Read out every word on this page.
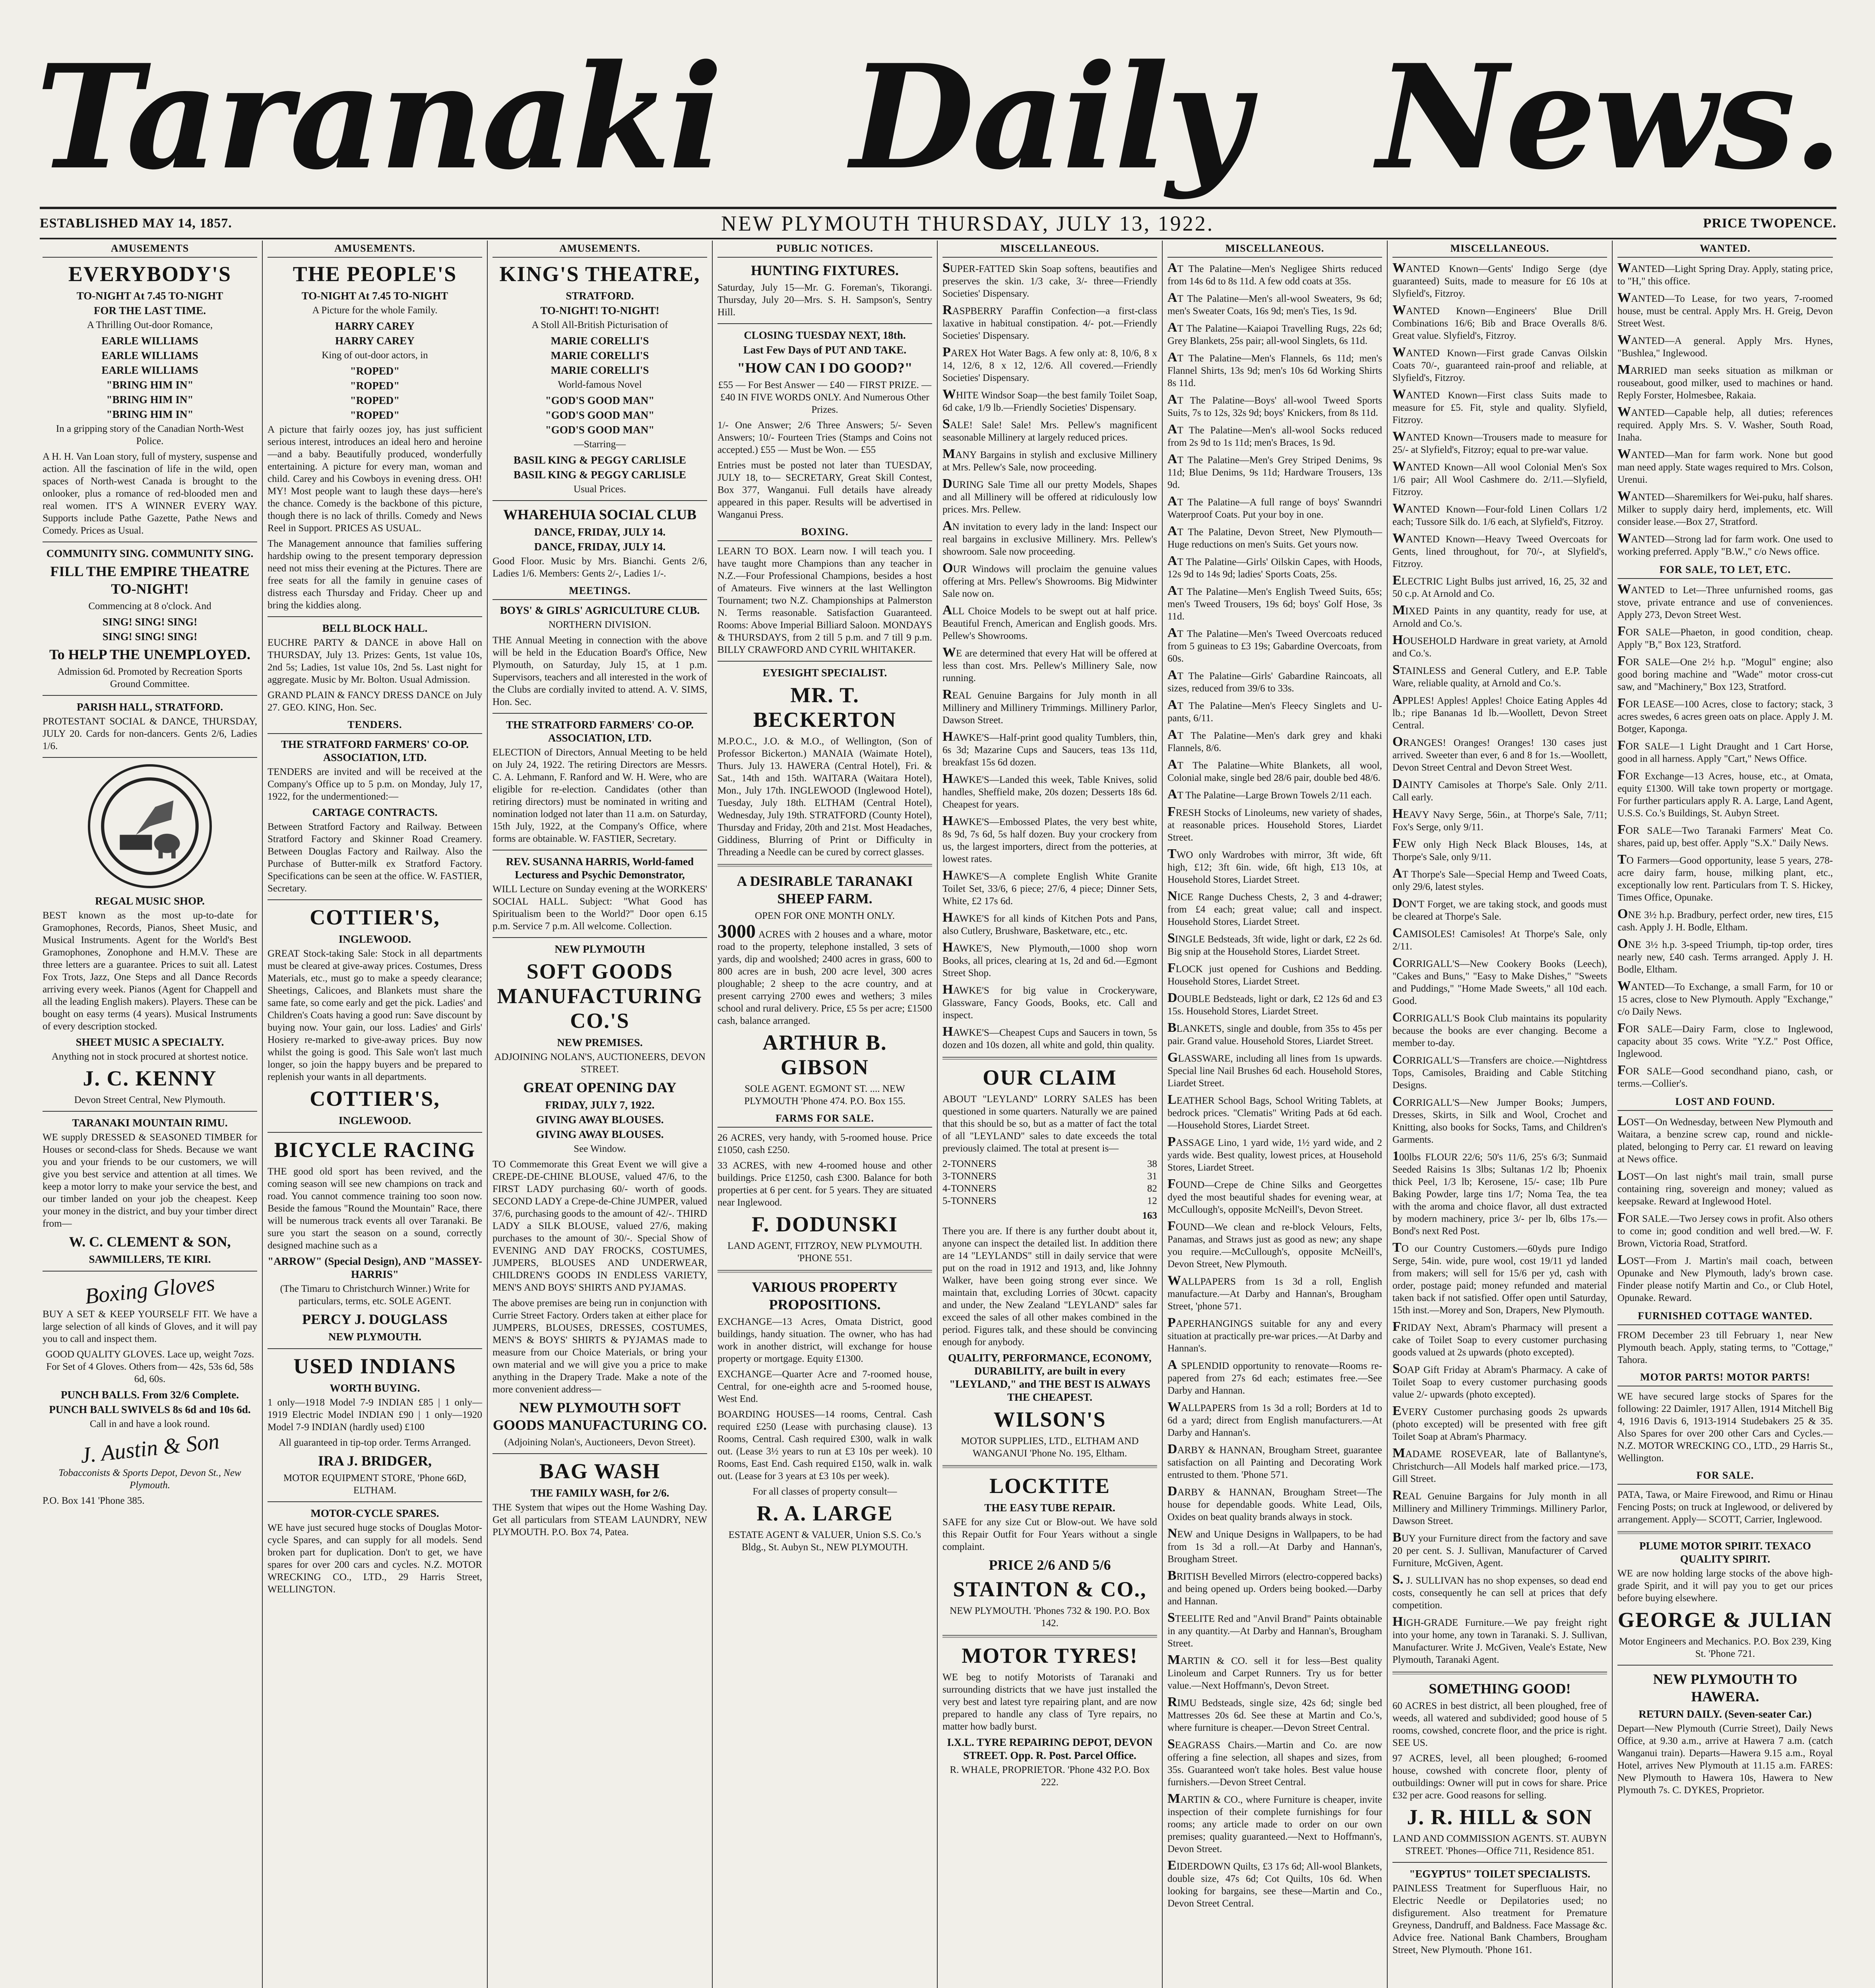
Taranaki Daily News.
ESTABLISHED MAY 14, 1857.	NEW PLYMOUTH THURSDAY, JULY 13, 1922.	PRICE TWOPENCE.
AMUSEMENTS
EVERYBODY'S
TO-NIGHT At 7.45 TO-NIGHT
FOR THE LAST TIME.
A Thrilling Out-door Romance,
EARLE WILLIAMS
EARLE WILLIAMS
EARLE WILLIAMS
"BRING HIM IN"
"BRING HIM IN"
"BRING HIM IN"
In a gripping story of the Canadian North-West Police.
A H. H. Van Loan story, full of mystery, suspense and action. All the fascination of life in the wild, open spaces of North-west Canada is brought to the onlooker, plus a romance of red-blooded men and real women. IT'S A WINNER EVERY WAY. Supports include Pathe Gazette, Pathe News and Comedy. Prices as Usual.
COMMUNITY SING. COMMUNITY SING.
FILL THE EMPIRE THEATRE TO-NIGHT!
Commencing at 8 o'clock. And
SING! SING! SING!
SING! SING! SING!
To HELP THE UNEMPLOYED.
Admission 6d. Promoted by Recreation Sports Ground Committee.
PARISH HALL, STRATFORD.
PROTESTANT SOCIAL & DANCE, THURSDAY, JULY 20. Cards for non-dancers. Gents 2/6, Ladies 1/6.
REGAL MUSIC SHOP.
BEST known as the most up-to-date for Gramophones, Records, Pianos, Sheet Music, and Musical Instruments. Agent for the World's Best Gramophones, Zonophone and H.M.V. These are three letters are a guarantee. Prices to suit all. Latest Fox Trots, Jazz, One Steps and all Dance Records arriving every week. Pianos (Agent for Chappell and all the leading English makers). Players. These can be bought on easy terms (4 years). Musical Instruments of every description stocked.
SHEET MUSIC A SPECIALTY.
Anything not in stock procured at shortest notice.
J. C. KENNY
Devon Street Central, New Plymouth.
TARANAKI MOUNTAIN RIMU.
WE supply DRESSED & SEASONED TIMBER for Houses or second-class for Sheds. Because we want you and your friends to be our customers, we will give you best service and attention at all times. We keep a motor lorry to make your service the best, and our timber landed on your job the cheapest. Keep your money in the district, and buy your timber direct from—
W. C. CLEMENT & SON,
SAWMILLERS, TE KIRI.
Boxing Gloves
BUY A SET & KEEP YOURSELF FIT. We have a large selection of all kinds of Gloves, and it will pay you to call and inspect them.
GOOD QUALITY GLOVES. Lace up, weight 7ozs. For Set of 4 Gloves. Others from— 42s, 53s 6d, 58s 6d, 60s.
PUNCH BALLS. From 32/6 Complete.
PUNCH BALL SWIVELS 8s 6d and 10s 6d.
Call in and have a look round.
J. Austin & Son
Tobacconists & Sports Depot, Devon St., New Plymouth.
P.O. Box 141 'Phone 385.
AMUSEMENTS.
THE PEOPLE'S
TO-NIGHT At 7.45 TO-NIGHT
A Picture for the whole Family.
HARRY CAREY
HARRY CAREY
King of out-door actors, in
"ROPED"
"ROPED"
"ROPED"
"ROPED"
A picture that fairly oozes joy, has just sufficient serious interest, introduces an ideal hero and heroine—and a baby. Beautifully produced, wonderfully entertaining. A picture for every man, woman and child. Carey and his Cowboys in evening dress. OH! MY! Most people want to laugh these days—here's the chance. Comedy is the backbone of this picture, though there is no lack of thrills. Comedy and News Reel in Support. PRICES AS USUAL.
The Management announce that families suffering hardship owing to the present temporary depression need not miss their evening at the Pictures. There are free seats for all the family in genuine cases of distress each Thursday and Friday. Cheer up and bring the kiddies along.
BELL BLOCK HALL.
EUCHRE PARTY & DANCE in above Hall on THURSDAY, July 13. Prizes: Gents, 1st value 10s, 2nd 5s; Ladies, 1st value 10s, 2nd 5s. Last night for aggregate. Music by Mr. Bolton. Usual Admission.
GRAND PLAIN & FANCY DRESS DANCE on July 27. GEO. KING, Hon. Sec.
TENDERS.
THE STRATFORD FARMERS' CO-OP. ASSOCIATION, LTD.
TENDERS are invited and will be received at the Company's Office up to 5 p.m. on Monday, July 17, 1922, for the undermentioned:—
CARTAGE CONTRACTS.
Between Stratford Factory and Railway. Between Stratford Factory and Skinner Road Creamery. Between Douglas Factory and Railway. Also the Purchase of Butter-milk ex Stratford Factory. Specifications can be seen at the office. W. FASTIER, Secretary.
COTTIER'S,
INGLEWOOD.
GREAT Stock-taking Sale: Stock in all departments must be cleared at give-away prices. Costumes, Dress Materials, etc., must go to make a speedy clearance; Sheetings, Calicoes, and Blankets must share the same fate, so come early and get the pick. Ladies' and Children's Coats having a good run: Save discount by buying now. Your gain, our loss. Ladies' and Girls' Hosiery re-marked to give-away prices. Buy now whilst the going is good. This Sale won't last much longer, so join the happy buyers and be prepared to replenish your wants in all departments.
COTTIER'S,
INGLEWOOD.
BICYCLE RACING
THE good old sport has been revived, and the coming season will see new champions on track and road. You cannot commence training too soon now. Beside the famous "Round the Mountain" Race, there will be numerous track events all over Taranaki. Be sure you start the season on a sound, correctly designed machine such as a
"ARROW" (Special Design), AND "MASSEY-HARRIS"
(The Timaru to Christchurch Winner.) Write for particulars, terms, etc. SOLE AGENT.
PERCY J. DOUGLASS
NEW PLYMOUTH.
USED INDIANS
WORTH BUYING.
1 only—1918 Model 7-9 INDIAN £85 | 1 only—1919 Electric Model INDIAN £90 | 1 only—1920 Model 7-9 INDIAN (hardly used) £100
All guaranteed in tip-top order. Terms Arranged.
IRA J. BRIDGER,
MOTOR EQUIPMENT STORE, 'Phone 66D, ELTHAM.
MOTOR-CYCLE SPARES.
WE have just secured huge stocks of Douglas Motor-cycle Spares, and can supply for all models. Send broken part for duplication. Don't to get, we have spares for over 200 cars and cycles. N.Z. MOTOR WRECKING CO., LTD., 29 Harris Street, WELLINGTON.
AMUSEMENTS.
KING'S THEATRE,
STRATFORD.
TO-NIGHT! TO-NIGHT!
A Stoll All-British Picturisation of
MARIE CORELLI'S
MARIE CORELLI'S
MARIE CORELLI'S
World-famous Novel
"GOD'S GOOD MAN"
"GOD'S GOOD MAN"
"GOD'S GOOD MAN"
—Starring—
BASIL KING & PEGGY CARLISLE
BASIL KING & PEGGY CARLISLE
Usual Prices.
WHAREHUIA SOCIAL CLUB
DANCE, FRIDAY, JULY 14.
DANCE, FRIDAY, JULY 14.
Good Floor. Music by Mrs. Bianchi. Gents 2/6, Ladies 1/6. Members: Gents 2/-, Ladies 1/-.
MEETINGS.
BOYS' & GIRLS' AGRICULTURE CLUB.
NORTHERN DIVISION.
THE Annual Meeting in connection with the above will be held in the Education Board's Office, New Plymouth, on Saturday, July 15, at 1 p.m. Supervisors, teachers and all interested in the work of the Clubs are cordially invited to attend. A. V. SIMS, Hon. Sec.
THE STRATFORD FARMERS' CO-OP. ASSOCIATION, LTD.
ELECTION of Directors, Annual Meeting to be held on July 24, 1922. The retiring Directors are Messrs. C. A. Lehmann, F. Ranford and W. H. Were, who are eligible for re-election. Candidates (other than retiring directors) must be nominated in writing and nomination lodged not later than 11 a.m. on Saturday, 15th July, 1922, at the Company's Office, where forms are obtainable. W. FASTIER, Secretary.
REV. SUSANNA HARRIS, World-famed Lecturess and Psychic Demonstrator,
WILL Lecture on Sunday evening at the WORKERS' SOCIAL HALL. Subject: "What Good has Spiritualism been to the World?" Door open 6.15 p.m. Service 7 p.m. All welcome. Collection.
NEW PLYMOUTH
SOFT GOODS MANUFACTURING CO.'S
NEW PREMISES.
ADJOINING NOLAN'S, AUCTIONEERS, DEVON STREET.
GREAT OPENING DAY
FRIDAY, JULY 7, 1922.
GIVING AWAY BLOUSES.
GIVING AWAY BLOUSES.
See Window.
TO Commemorate this Great Event we will give a CREPE-DE-CHINE BLOUSE, valued 47/6, to the FIRST LADY purchasing 60/- worth of goods. SECOND LADY a Crepe-de-Chine JUMPER, valued 37/6, purchasing goods to the amount of 42/-. THIRD LADY a SILK BLOUSE, valued 27/6, making purchases to the amount of 30/-. Special Show of EVENING AND DAY FROCKS, COSTUMES, JUMPERS, BLOUSES AND UNDERWEAR, CHILDREN'S GOODS IN ENDLESS VARIETY, MEN'S AND BOYS' SHIRTS AND PYJAMAS.
The above premises are being run in conjunction with Currie Street Factory. Orders taken at either place for JUMPERS, BLOUSES, DRESSES, COSTUMES, MEN'S & BOYS' SHIRTS & PYJAMAS made to measure from our Choice Materials, or bring your own material and we will give you a price to make anything in the Drapery Trade. Make a note of the more convenient address—
NEW PLYMOUTH SOFT GOODS MANUFACTURING CO.
(Adjoining Nolan's, Auctioneers, Devon Street).
BAG WASH
THE FAMILY WASH, for 2/6.
THE System that wipes out the Home Washing Day. Get all particulars from STEAM LAUNDRY, NEW PLYMOUTH. P.O. Box 74, Patea.
PUBLIC NOTICES.
HUNTING FIXTURES.
Saturday, July 15—Mr. G. Foreman's, Tikorangi. Thursday, July 20—Mrs. S. H. Sampson's, Sentry Hill.
CLOSING TUESDAY NEXT, 18th.
Last Few Days of PUT AND TAKE.
"HOW CAN I DO GOOD?"
£55 — For Best Answer — £40 — FIRST PRIZE. — £40 IN FIVE WORDS ONLY. And Numerous Other Prizes.
1/- One Answer; 2/6 Three Answers; 5/- Seven Answers; 10/- Fourteen Tries (Stamps and Coins not accepted.) £55 — Must be Won. — £55
Entries must be posted not later than TUESDAY, JULY 18, to— SECRETARY, Great Skill Contest, Box 377, Wanganui. Full details have already appeared in this paper. Results will be advertised in Wanganui Press.
BOXING.
LEARN TO BOX. Learn now. I will teach you. I have taught more Champions than any teacher in N.Z.—Four Professional Champions, besides a host of Amateurs. Five winners at the last Wellington Tournament; two N.Z. Championships at Palmerston N. Terms reasonable. Satisfaction Guaranteed. Rooms: Above Imperial Billiard Saloon. MONDAYS & THURSDAYS, from 2 till 5 p.m. and 7 till 9 p.m. BILLY CRAWFORD AND CYRIL WHITAKER.
EYESIGHT SPECIALIST.
MR. T. BECKERTON
M.P.O.C., J.O. & M.O., of Wellington, (Son of Professor Bickerton.) MANAIA (Waimate Hotel), Thurs. July 13. HAWERA (Central Hotel), Fri. & Sat., 14th and 15th. WAITARA (Waitara Hotel), Mon., July 17th. INGLEWOOD (Inglewood Hotel), Tuesday, July 18th. ELTHAM (Central Hotel), Wednesday, July 19th. STRATFORD (County Hotel), Thursday and Friday, 20th and 21st. Most Headaches, Giddiness, Blurring of Print or Difficulty in Threading a Needle can be cured by correct glasses.
A DESIRABLE TARANAKI SHEEP FARM.
OPEN FOR ONE MONTH ONLY.
3000 ACRES with 2 houses and a whare, motor road to the property, telephone installed, 3 sets of yards, dip and woolshed; 2400 acres in grass, 600 to 800 acres are in bush, 200 acre level, 300 acres ploughable; 2 sheep to the acre country, and at present carrying 2700 ewes and wethers; 3 miles school and rural delivery. Price, £5 5s per acre; £1500 cash, balance arranged.
ARTHUR B. GIBSON
SOLE AGENT. EGMONT ST. .... NEW PLYMOUTH 'Phone 474. P.O. Box 155.
FARMS FOR SALE.
26 ACRES, very handy, with 5-roomed house. Price £1050, cash £250.
33 ACRES, with new 4-roomed house and other buildings. Price £1250, cash £300. Balance for both properties at 6 per cent. for 5 years. They are situated near Inglewood.
F. DODUNSKI
LAND AGENT, FITZROY, NEW PLYMOUTH. 'PHONE 551.
VARIOUS PROPERTY PROPOSITIONS.
EXCHANGE—13 Acres, Omata District, good buildings, handy situation. The owner, who has had work in another district, will exchange for house property or mortgage. Equity £1300.
EXCHANGE—Quarter Acre and 7-roomed house, Central, for one-eighth acre and 5-roomed house, West End.
BOARDING HOUSES—14 rooms, Central. Cash required £250 (Lease with purchasing clause). 13 Rooms, Central. Cash required £300, walk in walk out. (Lease 3½ years to run at £3 10s per week). 10 Rooms, East End. Cash required £150, walk in. walk out. (Lease for 3 years at £3 10s per week).
For all classes of property consult—
R. A. LARGE
ESTATE AGENT & VALUER, Union S.S. Co.'s Bldg., St. Aubyn St., NEW PLYMOUTH.
MISCELLANEOUS.
SUPER-FATTED Skin Soap softens, beautifies and preserves the skin. 1/3 cake, 3/- three—Friendly Societies' Dispensary.
RASPBERRY Paraffin Confection—a first-class laxative in habitual constipation. 4/- pot.—Friendly Societies' Dispensary.
PAREX Hot Water Bags. A few only at: 8, 10/6, 8 x 14, 12/6, 8 x 12, 12/6. All covered.—Friendly Societies' Dispensary.
WHITE Windsor Soap—the best family Toilet Soap, 6d cake, 1/9 lb.—Friendly Societies' Dispensary.
SALE! Sale! Sale! Mrs. Pellew's magnificent seasonable Millinery at largely reduced prices.
MANY Bargains in stylish and exclusive Millinery at Mrs. Pellew's Sale, now proceeding.
DURING Sale Time all our pretty Models, Shapes and all Millinery will be offered at ridiculously low prices. Mrs. Pellew.
AN invitation to every lady in the land: Inspect our real bargains in exclusive Millinery. Mrs. Pellew's showroom. Sale now proceeding.
OUR Windows will proclaim the genuine values offering at Mrs. Pellew's Showrooms. Big Midwinter Sale now on.
ALL Choice Models to be swept out at half price. Beautiful French, American and English goods. Mrs. Pellew's Showrooms.
WE are determined that every Hat will be offered at less than cost. Mrs. Pellew's Millinery Sale, now running.
REAL Genuine Bargains for July month in all Millinery and Millinery Trimmings. Millinery Parlor, Dawson Street.
HAWKE'S—Half-print good quality Tumblers, thin, 6s 3d; Mazarine Cups and Saucers, teas 13s 11d, breakfast 15s 6d dozen.
HAWKE'S—Landed this week, Table Knives, solid handles, Sheffield make, 20s dozen; Desserts 18s 6d. Cheapest for years.
HAWKE'S—Embossed Plates, the very best white, 8s 9d, 7s 6d, 5s half dozen. Buy your crockery from us, the largest importers, direct from the potteries, at lowest rates.
HAWKE'S—A complete English White Granite Toilet Set, 33/6, 6 piece; 27/6, 4 piece; Dinner Sets, White, £2 17s 6d.
HAWKE'S for all kinds of Kitchen Pots and Pans, also Cutlery, Brushware, Basketware, etc., etc.
HAWKE'S, New Plymouth,—1000 shop worn Books, all prices, clearing at 1s, 2d and 6d.—Egmont Street Shop.
HAWKE'S for big value in Crockeryware, Glassware, Fancy Goods, Books, etc. Call and inspect.
HAWKE'S—Cheapest Cups and Saucers in town, 5s dozen and 10s dozen, all white and gold, thin quality.
OUR CLAIM
ABOUT "LEYLAND" LORRY SALES has been questioned in some quarters. Naturally we are pained that this should be so, but as a matter of fact the total of all "LEYLAND" sales to date exceeds the total previously claimed. The total at present is—
2-TONNERS	38
3-TONNERS	31
4-TONNERS	82
5-TONNERS	12
163
There you are. If there is any further doubt about it, anyone can inspect the detailed list. In addition there are 14 "LEYLANDS" still in daily service that were put on the road in 1912 and 1913, and, like Johnny Walker, have been going strong ever since. We maintain that, excluding Lorries of 30cwt. capacity and under, the New Zealand "LEYLAND" sales far exceed the sales of all other makes combined in the period. Figures talk, and these should be convincing enough for anybody.
QUALITY, PERFORMANCE, ECONOMY, DURABILITY, are built in every "LEYLAND," and THE BEST IS ALWAYS THE CHEAPEST.
WILSON'S
MOTOR SUPPLIES, LTD., ELTHAM AND WANGANUI 'Phone No. 195, Eltham.
LOCKTITE
THE EASY TUBE REPAIR.
SAFE for any size Cut or Blow-out. We have sold this Repair Outfit for Four Years without a single complaint.
PRICE 2/6 AND 5/6
STAINTON & CO.,
NEW PLYMOUTH. 'Phones 732 & 190. P.O. Box 142.
MOTOR TYRES!
WE beg to notify Motorists of Taranaki and surrounding districts that we have just installed the very best and latest tyre repairing plant, and are now prepared to handle any class of Tyre repairs, no matter how badly burst.
I.X.L. TYRE REPAIRING DEPOT, DEVON STREET. Opp. R. Post. Parcel Office.
R. WHALE, PROPRIETOR. 'Phone 432 P.O. Box 222.
MISCELLANEOUS.
AT The Palatine—Men's Negligee Shirts reduced from 14s 6d to 8s 11d. A few odd coats at 35s.
AT The Palatine—Men's all-wool Sweaters, 9s 6d; men's Sweater Coats, 16s 9d; men's Ties, 1s 9d.
AT The Palatine—Kaiapoi Travelling Rugs, 22s 6d; Grey Blankets, 25s pair; all-wool Singlets, 6s 11d.
AT The Palatine—Men's Flannels, 6s 11d; men's Flannel Shirts, 13s 9d; men's 10s 6d Working Shirts 8s 11d.
AT The Palatine—Boys' all-wool Tweed Sports Suits, 7s to 12s, 32s 9d; boys' Knickers, from 8s 11d.
AT The Palatine—Men's all-wool Socks reduced from 2s 9d to 1s 11d; men's Braces, 1s 9d.
AT The Palatine—Men's Grey Striped Denims, 9s 11d; Blue Denims, 9s 11d; Hardware Trousers, 13s 9d.
AT The Palatine—A full range of boys' Swanndri Waterproof Coats. Put your boy in one.
AT The Palatine, Devon Street, New Plymouth—Huge reductions on men's Suits. Get yours now.
AT The Palatine—Girls' Oilskin Capes, with Hoods, 12s 9d to 14s 9d; ladies' Sports Coats, 25s.
AT The Palatine—Men's English Tweed Suits, 65s; men's Tweed Trousers, 19s 6d; boys' Golf Hose, 3s 11d.
AT The Palatine—Men's Tweed Overcoats reduced from 5 guineas to £3 19s; Gabardine Overcoats, from 60s.
AT The Palatine—Girls' Gabardine Raincoats, all sizes, reduced from 39/6 to 33s.
AT The Palatine—Men's Fleecy Singlets and U-pants, 6/11.
AT The Palatine—Men's dark grey and khaki Flannels, 8/6.
AT The Palatine—White Blankets, all wool, Colonial make, single bed 28/6 pair, double bed 48/6.
AT The Palatine—Large Brown Towels 2/11 each.
FRESH Stocks of Linoleums, new variety of shades, at reasonable prices. Household Stores, Liardet Street.
TWO only Wardrobes with mirror, 3ft wide, 6ft high, £12; 3ft 6in. wide, 6ft high, £13 10s, at Household Stores, Liardet Street.
NICE Range Duchess Chests, 2, 3 and 4-drawer; from £4 each; great value; call and inspect. Household Stores, Liardet Street.
SINGLE Bedsteads, 3ft wide, light or dark, £2 2s 6d. Big snip at the Household Stores, Liardet Street.
FLOCK just opened for Cushions and Bedding. Household Stores, Liardet Street.
DOUBLE Bedsteads, light or dark, £2 12s 6d and £3 15s. Household Stores, Liardet Street.
BLANKETS, single and double, from 35s to 45s per pair. Grand value. Household Stores, Liardet Street.
GLASSWARE, including all lines from 1s upwards. Special line Nail Brushes 6d each. Household Stores, Liardet Street.
LEATHER School Bags, School Writing Tablets, at bedrock prices. "Clematis" Writing Pads at 6d each.—Household Stores, Liardet Street.
PASSAGE Lino, 1 yard wide, 1½ yard wide, and 2 yards wide. Best quality, lowest prices, at Household Stores, Liardet Street.
FOUND—Crepe de Chine Silks and Georgettes dyed the most beautiful shades for evening wear, at McCullough's, opposite McNeill's, Devon Street.
FOUND—We clean and re-block Velours, Felts, Panamas, and Straws just as good as new; any shape you require.—McCullough's, opposite McNeill's, Devon Street, New Plymouth.
WALLPAPERS from 1s 3d a roll, English manufacture.—At Darby and Hannan's, Brougham Street, 'phone 571.
PAPERHANGINGS suitable for any and every situation at practically pre-war prices.—At Darby and Hannan's.
A SPLENDID opportunity to renovate—Rooms re-papered from 27s 6d each; estimates free.—See Darby and Hannan.
WALLPAPERS from 1s 3d a roll; Borders at 1d to 6d a yard; direct from English manufacturers.—At Darby and Hannan's.
DARBY & HANNAN, Brougham Street, guarantee satisfaction on all Painting and Decorating Work entrusted to them. 'Phone 571.
DARBY & HANNAN, Brougham Street—The house for dependable goods. White Lead, Oils, Oxides on beat quality brands always in stock.
NEW and Unique Designs in Wallpapers, to be had from 1s 3d a roll.—At Darby and Hannan's, Brougham Street.
BRITISH Bevelled Mirrors (electro-coppered backs) and being opened up. Orders being booked.—Darby and Hannan.
STEELITE Red and "Anvil Brand" Paints obtainable in any quantity.—At Darby and Hannan's, Brougham Street.
MARTIN & CO. sell it for less—Best quality Linoleum and Carpet Runners. Try us for better value.—Next Hoffmann's, Devon Street.
RIMU Bedsteads, single size, 42s 6d; single bed Mattresses 20s 6d. See these at Martin and Co.'s, where furniture is cheaper.—Devon Street Central.
SEAGRASS Chairs.—Martin and Co. are now offering a fine selection, all shapes and sizes, from 35s. Guaranteed won't take holes. Best value house furnishers.—Devon Street Central.
MARTIN & CO., where Furniture is cheaper, invite inspection of their complete furnishings for four rooms; any article made to order on our own premises; quality guaranteed.—Next to Hoffmann's, Devon Street.
EIDERDOWN Quilts, £3 17s 6d; All-wool Blankets, double size, 47s 6d; Cot Quilts, 10s 6d. When looking for bargains, see these—Martin and Co., Devon Street Central.
MISCELLANEOUS.
WANTED Known—Gents' Indigo Serge (dye guaranteed) Suits, made to measure for £6 10s at Slyfield's, Fitzroy.
WANTED Known—Engineers' Blue Drill Combinations 16/6; Bib and Brace Overalls 8/6. Great value. Slyfield's, Fitzroy.
WANTED Known—First grade Canvas Oilskin Coats 70/-, guaranteed rain-proof and reliable, at Slyfield's, Fitzroy.
WANTED Known—First class Suits made to measure for £5. Fit, style and quality. Slyfield, Fitzroy.
WANTED Known—Trousers made to measure for 25/- at Slyfield's, Fitzroy; equal to pre-war value.
WANTED Known—All wool Colonial Men's Sox 1/6 pair; All Wool Cashmere do. 2/11.—Slyfield, Fitzroy.
WANTED Known—Four-fold Linen Collars 1/2 each; Tussore Silk do. 1/6 each, at Slyfield's, Fitzroy.
WANTED Known—Heavy Tweed Overcoats for Gents, lined throughout, for 70/-, at Slyfield's, Fitzroy.
ELECTRIC Light Bulbs just arrived, 16, 25, 32 and 50 c.p. At Arnold and Co.
MIXED Paints in any quantity, ready for use, at Arnold and Co.'s.
HOUSEHOLD Hardware in great variety, at Arnold and Co.'s.
STAINLESS and General Cutlery, and E.P. Table Ware, reliable quality, at Arnold and Co.'s.
APPLES! Apples! Apples! Choice Eating Apples 4d lb.; ripe Bananas 1d lb.—Woollett, Devon Street Central.
ORANGES! Oranges! Oranges! 130 cases just arrived. Sweeter than ever, 6 and 8 for 1s.—Woollett, Devon Street Central and Devon Street West.
DAINTY Camisoles at Thorpe's Sale. Only 2/11. Call early.
HEAVY Navy Serge, 56in., at Thorpe's Sale, 7/11; Fox's Serge, only 9/11.
FEW only High Neck Black Blouses, 14s, at Thorpe's Sale, only 9/11.
AT Thorpe's Sale—Special Hemp and Tweed Coats, only 29/6, latest styles.
DON'T Forget, we are taking stock, and goods must be cleared at Thorpe's Sale.
CAMISOLES! Camisoles! At Thorpe's Sale, only 2/11.
CORRIGALL'S—New Cookery Books (Leech), "Cakes and Buns," "Easy to Make Dishes," "Sweets and Puddings," "Home Made Sweets," all 10d each. Good.
CORRIGALL'S Book Club maintains its popularity because the books are ever changing. Become a member to-day.
CORRIGALL'S—Transfers are choice.—Nightdress Tops, Camisoles, Braiding and Cable Stitching Designs.
CORRIGALL'S—New Jumper Books; Jumpers, Dresses, Skirts, in Silk and Wool, Crochet and Knitting, also books for Socks, Tams, and Children's Garments.
100lbs FLOUR 22/6; 50's 11/6, 25's 6/3; Sunmaid Seeded Raisins 1s 3lbs; Sultanas 1/2 lb; Phoenix thick Peel, 1/3 lb; Kerosene, 15/- case; 1lb Pure Baking Powder, large tins 1/7; Noma Tea, the tea with the aroma and choice flavor, all dust extracted by modern machinery, price 3/- per lb, 6lbs 17s.—Bond's next Red Post.
TO our Country Customers.—60yds pure Indigo Serge, 54in. wide, pure wool, cost 19/11 yd landed from makers; will sell for 15/6 per yd, cash with order, postage paid; money refunded and material taken back if not satisfied. Offer open until Saturday, 15th inst.—Morey and Son, Drapers, New Plymouth.
FRIDAY Next, Abram's Pharmacy will present a cake of Toilet Soap to every customer purchasing goods valued at 2s upwards (photo excepted).
SOAP Gift Friday at Abram's Pharmacy. A cake of Toilet Soap to every customer purchasing goods value 2/- upwards (photo excepted).
EVERY Customer purchasing goods 2s upwards (photo excepted) will be presented with free gift Toilet Soap at Abram's Pharmacy.
MADAME ROSEVEAR, late of Ballantyne's, Christchurch—All Models half marked price.—173, Gill Street.
REAL Genuine Bargains for July month in all Millinery and Millinery Trimmings. Millinery Parlor, Dawson Street.
BUY your Furniture direct from the factory and save 20 per cent. S. J. Sullivan, Manufacturer of Carved Furniture, McGiven, Agent.
S. J. SULLIVAN has no shop expenses, so dead end costs, consequently he can sell at prices that defy competition.
HIGH-GRADE Furniture.—We pay freight right into your home, any town in Taranaki. S. J. Sullivan, Manufacturer. Write J. McGiven, Veale's Estate, New Plymouth, Taranaki Agent.
SOMETHING GOOD!
60 ACRES in best district, all been ploughed, free of weeds, all watered and subdivided; good house of 5 rooms, cowshed, concrete floor, and the price is right. SEE US.
97 ACRES, level, all been ploughed; 6-roomed house, cowshed with concrete floor, plenty of outbuildings: Owner will put in cows for share. Price £32 per acre. Good reasons for selling.
J. R. HILL & SON
LAND AND COMMISSION AGENTS. ST. AUBYN STREET. 'Phones—Office 711, Residence 851.
"EGYPTUS" TOILET SPECIALISTS.
PAINLESS Treatment for Superfluous Hair, no Electric Needle or Depilatories used; no disfigurement. Also treatment for Premature Greyness, Dandruff, and Baldness. Face Massage &c. Advice free. National Bank Chambers, Brougham Street, New Plymouth. 'Phone 161.
WANTED.
WANTED—Light Spring Dray. Apply, stating price, to "H," this office.
WANTED—To Lease, for two years, 7-roomed house, must be central. Apply Mrs. H. Greig, Devon Street West.
WANTED—A general. Apply Mrs. Hynes, "Bushlea," Inglewood.
MARRIED man seeks situation as milkman or rouseabout, good milker, used to machines or hand. Reply Forster, Holmesbee, Rakaia.
WANTED—Capable help, all duties; references required. Apply Mrs. S. V. Washer, South Road, Inaha.
WANTED—Man for farm work. None but good man need apply. State wages required to Mrs. Colson, Urenui.
WANTED—Sharemilkers for Wei-puku, half shares. Milker to supply dairy herd, implements, etc. Will consider lease.—Box 27, Stratford.
WANTED—Strong lad for farm work. One used to working preferred. Apply "B.W.," c/o News office.
FOR SALE, TO LET, ETC.
WANTED to Let—Three unfurnished rooms, gas stove, private entrance and use of conveniences. Apply 273, Devon Street West.
FOR SALE—Phaeton, in good condition, cheap. Apply "B," Box 123, Stratford.
FOR SALE—One 2½ h.p. "Mogul" engine; also good boring machine and "Wade" motor cross-cut saw, and "Machinery," Box 123, Stratford.
FOR LEASE—100 Acres, close to factory; stack, 3 acres swedes, 6 acres green oats on place. Apply J. M. Botger, Kaponga.
FOR SALE—1 Light Draught and 1 Cart Horse, good in all harness. Apply "Cart," News Office.
FOR Exchange—13 Acres, house, etc., at Omata, equity £1300. Will take town property or mortgage. For further particulars apply R. A. Large, Land Agent, U.S.S. Co.'s Buildings, St. Aubyn Street.
FOR SALE—Two Taranaki Farmers' Meat Co. shares, paid up, best offer. Apply "S.X." Daily News.
TO Farmers—Good opportunity, lease 5 years, 278-acre dairy farm, house, milking plant, etc., exceptionally low rent. Particulars from T. S. Hickey, Times Office, Opunake.
ONE 3½ h.p. Bradbury, perfect order, new tires, £15 cash. Apply J. H. Bodle, Eltham.
ONE 3½ h.p. 3-speed Triumph, tip-top order, tires nearly new, £40 cash. Terms arranged. Apply J. H. Bodle, Eltham.
WANTED—To Exchange, a small Farm, for 10 or 15 acres, close to New Plymouth. Apply "Exchange," c/o Daily News.
FOR SALE—Dairy Farm, close to Inglewood, capacity about 35 cows. Write "Y.Z." Post Office, Inglewood.
FOR SALE—Good secondhand piano, cash, or terms.—Collier's.
LOST AND FOUND.
LOST—On Wednesday, between New Plymouth and Waitara, a benzine screw cap, round and nickle-plated, belonging to Perry car. £1 reward on leaving at News office.
LOST—On last night's mail train, small purse containing ring, sovereign and money; valued as keepsake. Reward at Inglewood Hotel.
FOR SALE.—Two Jersey cows in profit. Also others to come in; good condition and well bred.—W. F. Brown, Victoria Road, Stratford.
LOST—From J. Martin's mail coach, between Opunake and New Plymouth, lady's brown case. Finder please notify Martin and Co., or Club Hotel, Opunake. Reward.
FURNISHED COTTAGE WANTED.
FROM December 23 till February 1, near New Plymouth beach. Apply, stating terms, to "Cottage," Tahora.
MOTOR PARTS! MOTOR PARTS!
WE have secured large stocks of Spares for the following: 22 Daimler, 1917 Allen, 1914 Mitchell Big 4, 1916 Davis 6, 1913-1914 Studebakers 25 & 35. Also Spares for over 200 other Cars and Cycles.—N.Z. MOTOR WRECKING CO., LTD., 29 Harris St., Wellington.
FOR SALE.
PATA, Tawa, or Maire Firewood, and Rimu or Hinau Fencing Posts; on truck at Inglewood, or delivered by arrangement. Apply— SCOTT, Carrier, Inglewood.
PLUME MOTOR SPIRIT. TEXACO QUALITY SPIRIT.
WE are now holding large stocks of the above high-grade Spirit, and it will pay you to get our prices before buying elsewhere.
GEORGE & JULIAN
Motor Engineers and Mechanics. P.O. Box 239, King St. 'Phone 721.
NEW PLYMOUTH TO HAWERA.
RETURN DAILY. (Seven-seater Car.)
Depart—New Plymouth (Currie Street), Daily News Office, at 9.30 a.m., arrive at Hawera 7 a.m. (catch Wanganui train). Departs—Hawera 9.15 a.m., Royal Hotel, arrives New Plymouth at 11.15 a.m. FARES: New Plymouth to Hawera 10s, Hawera to New Plymouth 7s. C. DYKES, Proprietor.
